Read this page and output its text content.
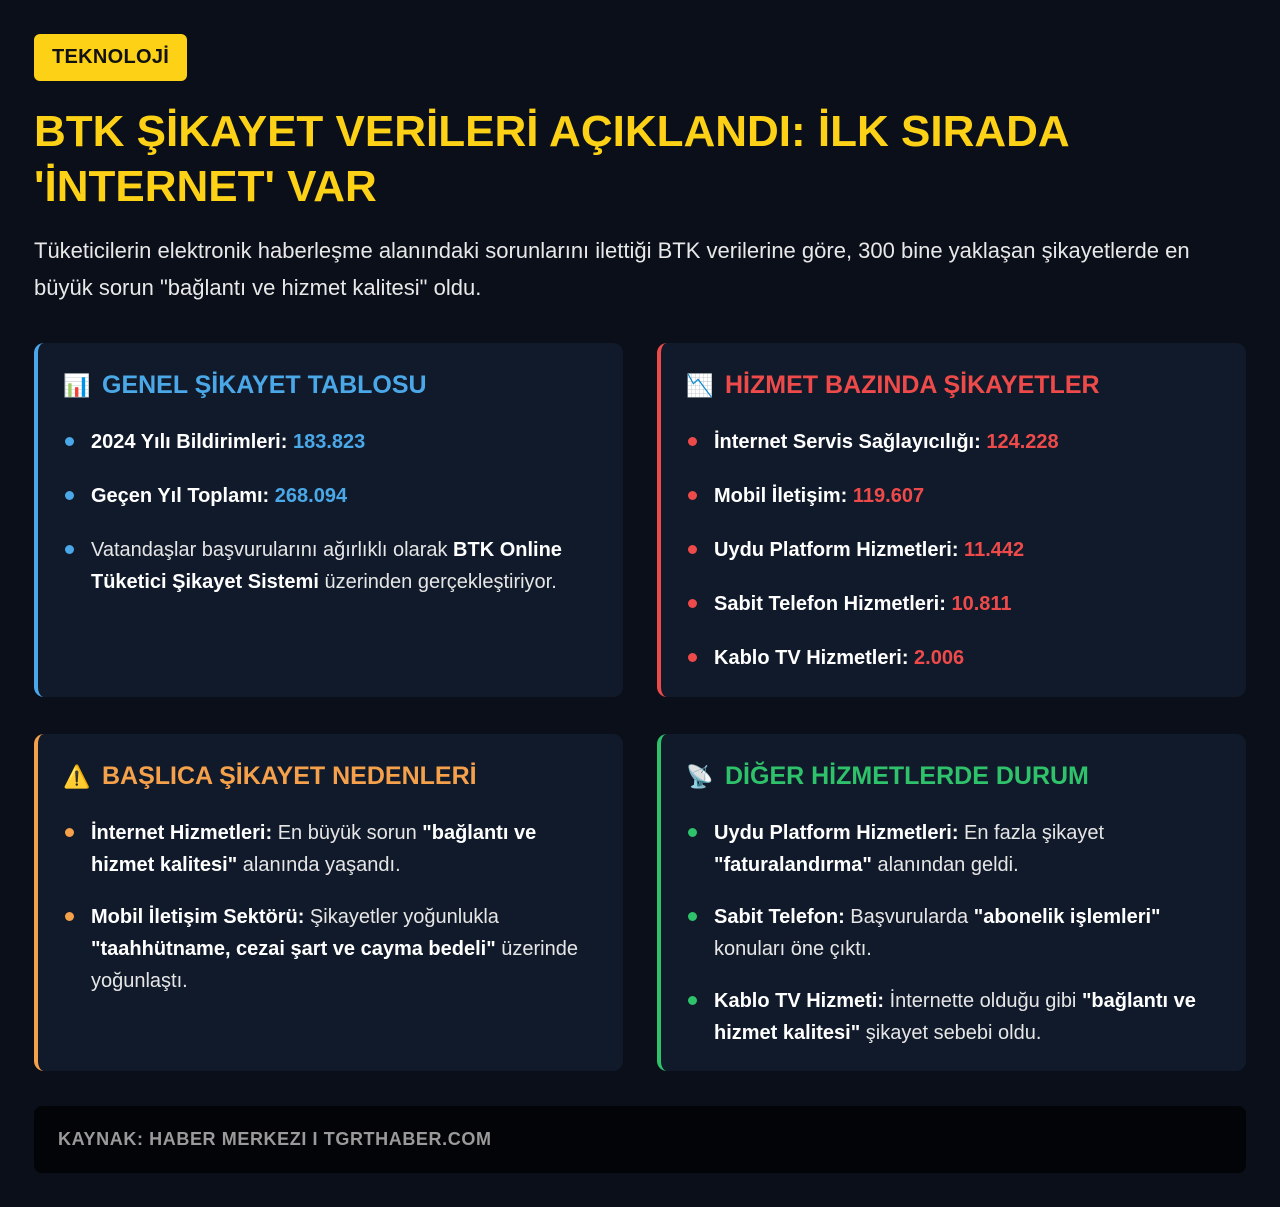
TEKNOLOJİ
BTK ŞİKAYET VERİLERİ AÇIKLANDI: İLK SIRADA 'İNTERNET' VAR

Tüketicilerin elektronik haberleşme alanındaki sorunlarını ilettiği BTK verilerine göre, 300 bine yaklaşan şikayetlerde en büyük sorun "bağlantı ve hizmet kalitesi" oldu.

📊 GENEL ŞİKAYET TABLOSU
2024 Yılı Bildirimleri: 183.823
Geçen Yıl Toplamı: 268.094
Vatandaşlar başvurularını ağırlıklı olarak BTK Online Tüketici Şikayet Sistemi üzerinden gerçekleştiriyor.
📉 HİZMET BAZINDA ŞİKAYETLER
İnternet Servis Sağlayıcılığı: 124.228
Mobil İletişim: 119.607
Uydu Platform Hizmetleri: 11.442
Sabit Telefon Hizmetleri: 10.811
Kablo TV Hizmetleri: 2.006
⚠️ BAŞLICA ŞİKAYET NEDENLERİ
İnternet Hizmetleri: En büyük sorun "bağlantı ve hizmet kalitesi" alanında yaşandı.
Mobil İletişim Sektörü: Şikayetler yoğunlukla "taahhütname, cezai şart ve cayma bedeli" üzerinde yoğunlaştı.
📡 DİĞER HİZMETLERDE DURUM
Uydu Platform Hizmetleri: En fazla şikayet "faturalandırma" alanından geldi.
Sabit Telefon: Başvurularda "abonelik işlemleri" konuları öne çıktı.
Kablo TV Hizmeti: İnternette olduğu gibi "bağlantı ve hizmet kalitesi" şikayet sebebi oldu.
KAYNAK: HABER MERKEZI I TGRTHABER.COM
